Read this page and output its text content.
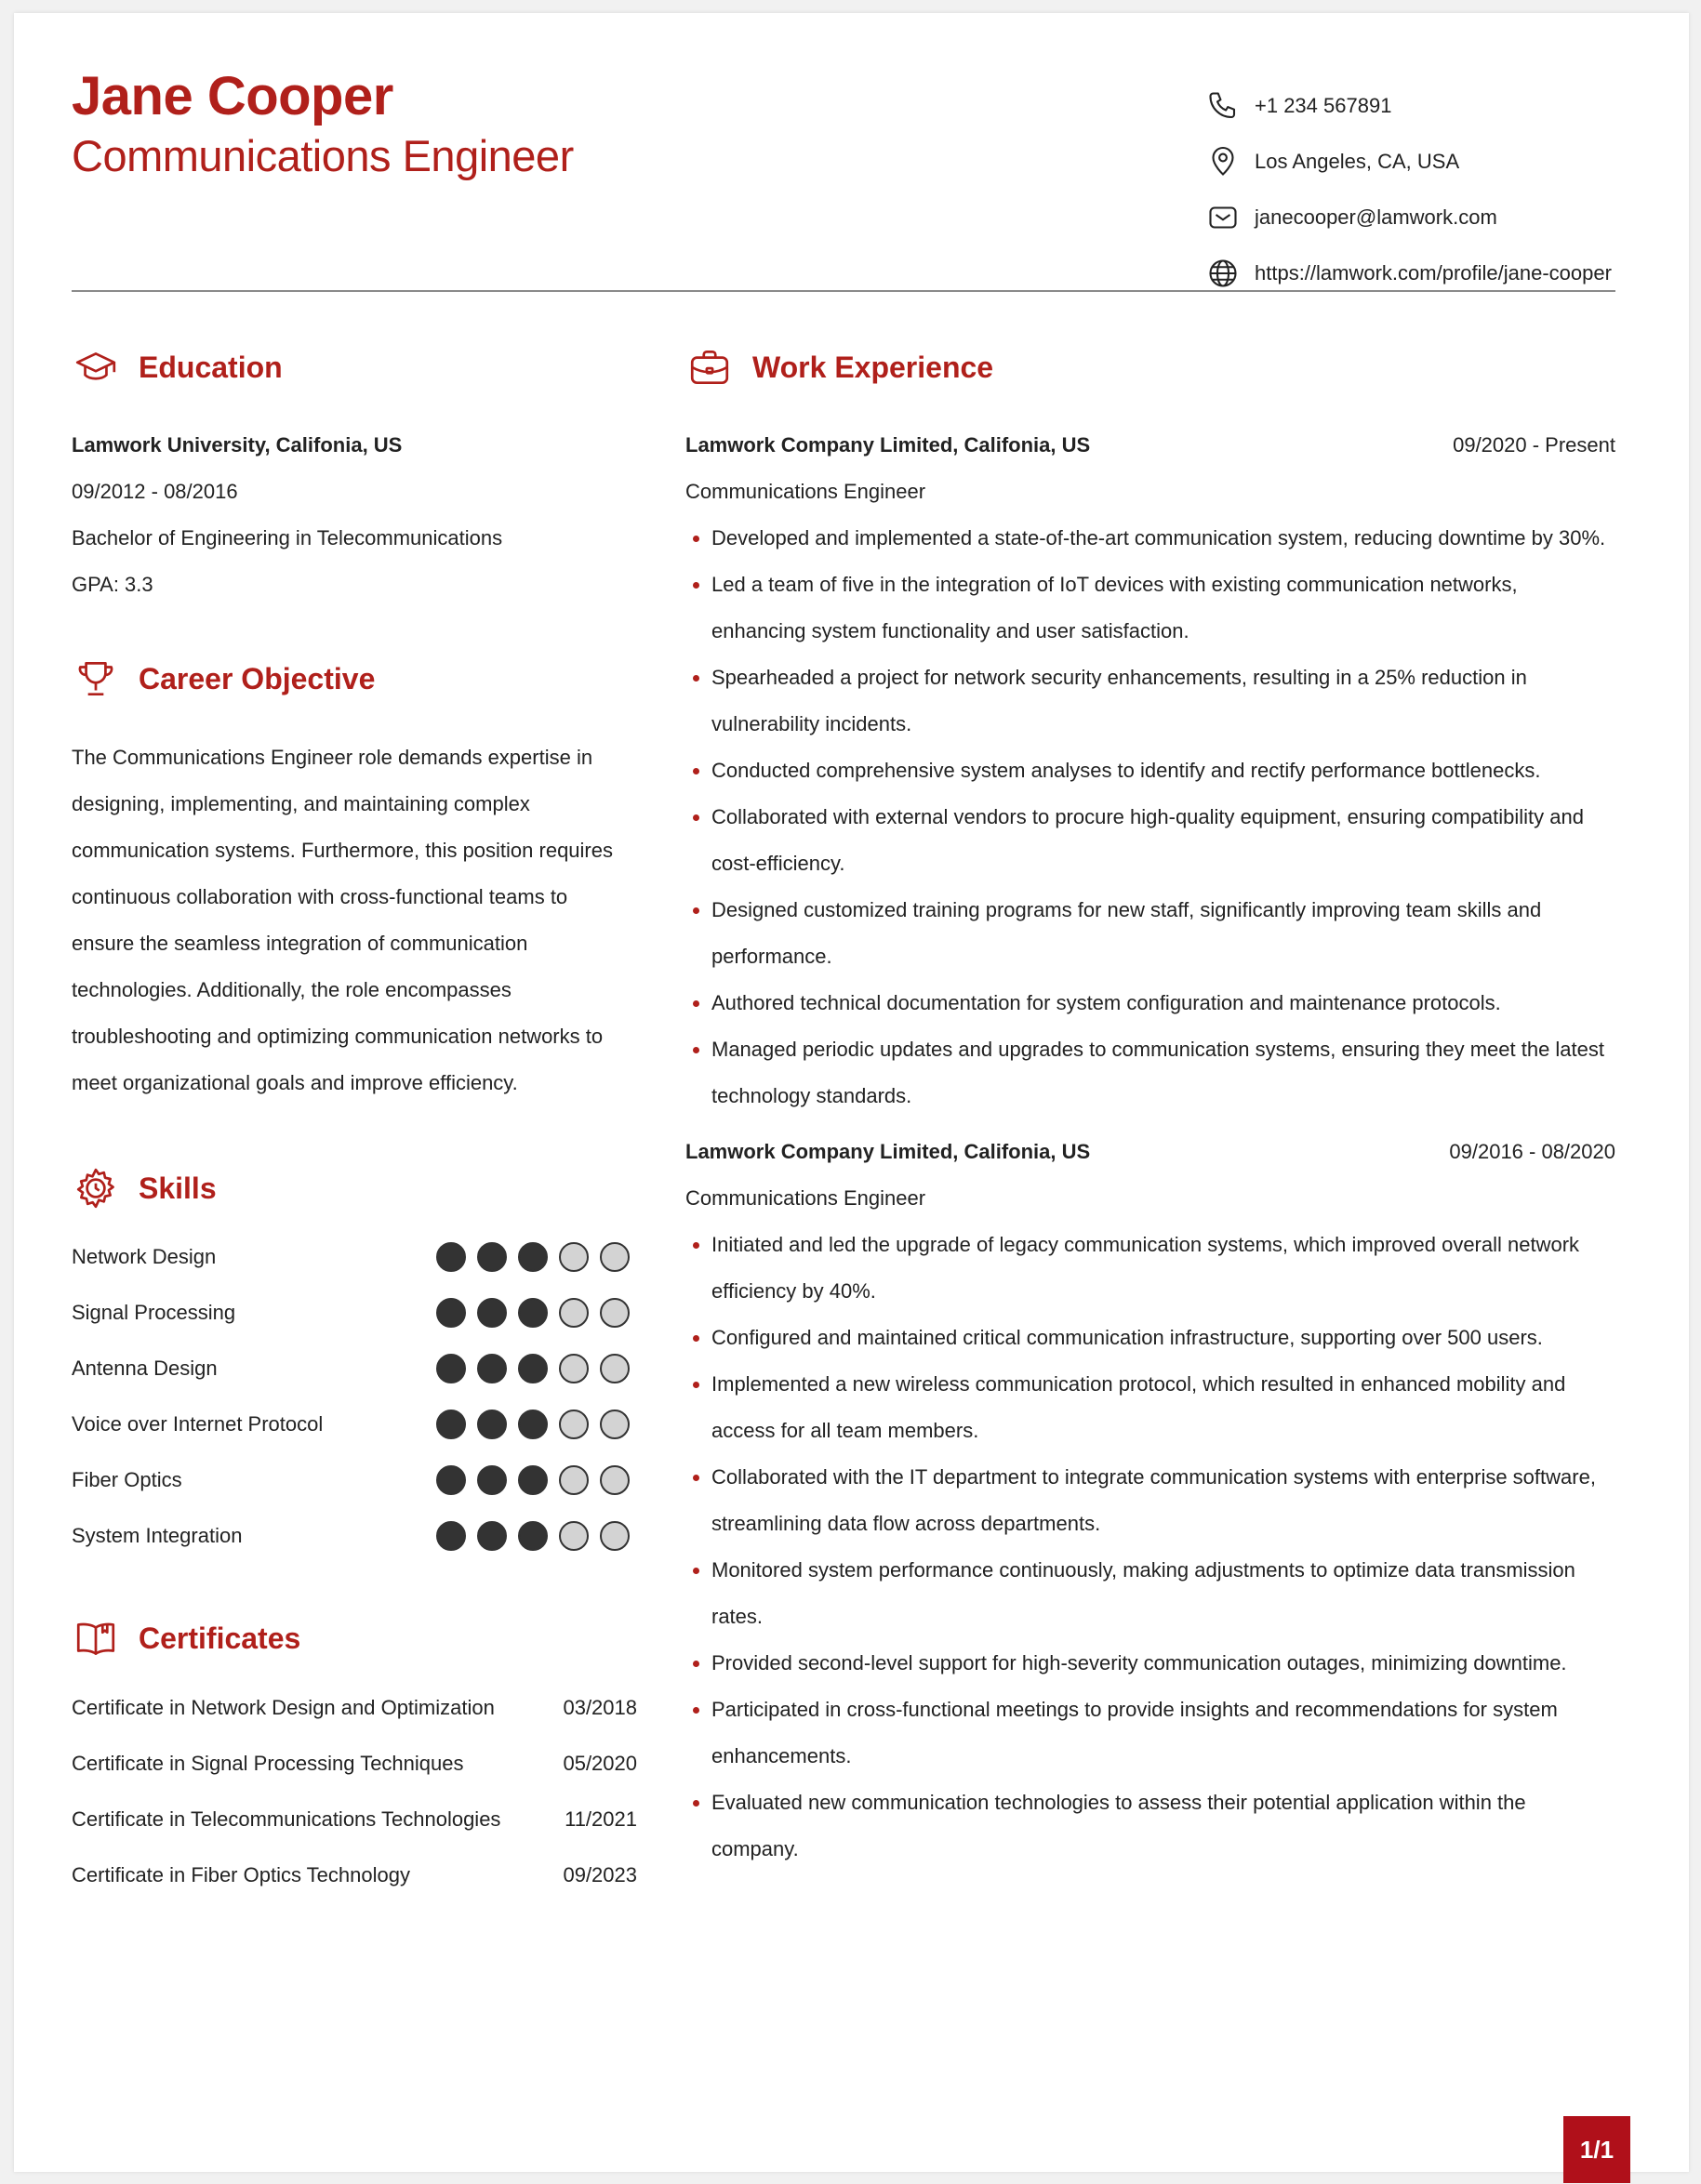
Jane Cooper
Communications Engineer
+1 234 567891
Los Angeles, CA, USA
janecooper@lamwork.com
https://lamwork.com/profile/jane-cooper
Education
Lamwork University, Califonia, US
09/2012 - 08/2016
Bachelor of Engineering in Telecommunications
GPA: 3.3
Career Objective
The Communications Engineer role demands expertise in
designing, implementing, and maintaining complex
communication systems. Furthermore, this position requires
continuous collaboration with cross-functional teams to
ensure the seamless integration of communication
technologies. Additionally, the role encompasses
troubleshooting and optimizing communication networks to
meet organizational goals and improve efficiency.
Skills
Network Design
Signal Processing
Antenna Design
Voice over Internet Protocol
Fiber Optics
System Integration
Certificates
Certificate in Network Design and Optimization	03/2018
Certificate in Signal Processing Techniques	05/2020
Certificate in Telecommunications Technologies	11/2021
Certificate in Fiber Optics Technology	09/2023
Work Experience
Lamwork Company Limited, Califonia, US	09/2020 - Present
Communications Engineer
Developed and implemented a state-of-the-art communication system, reducing downtime by 30%.
Led a team of five in the integration of IoT devices with existing communication networks, enhancing system functionality and user satisfaction.
Spearheaded a project for network security enhancements, resulting in a 25% reduction in vulnerability incidents.
Conducted comprehensive system analyses to identify and rectify performance bottlenecks.
Collaborated with external vendors to procure high-quality equipment, ensuring compatibility and cost-efficiency.
Designed customized training programs for new staff, significantly improving team skills and performance.
Authored technical documentation for system configuration and maintenance protocols.
Managed periodic updates and upgrades to communication systems, ensuring they meet the latest technology standards.
Lamwork Company Limited, Califonia, US	09/2016 - 08/2020
Communications Engineer
Initiated and led the upgrade of legacy communication systems, which improved overall network efficiency by 40%.
Configured and maintained critical communication infrastructure, supporting over 500 users.
Implemented a new wireless communication protocol, which resulted in enhanced mobility and access for all team members.
Collaborated with the IT department to integrate communication systems with enterprise software, streamlining data flow across departments.
Monitored system performance continuously, making adjustments to optimize data transmission rates.
Provided second-level support for high-severity communication outages, minimizing downtime.
Participated in cross-functional meetings to provide insights and recommendations for system enhancements.
Evaluated new communication technologies to assess their potential application within the company.
1/1
